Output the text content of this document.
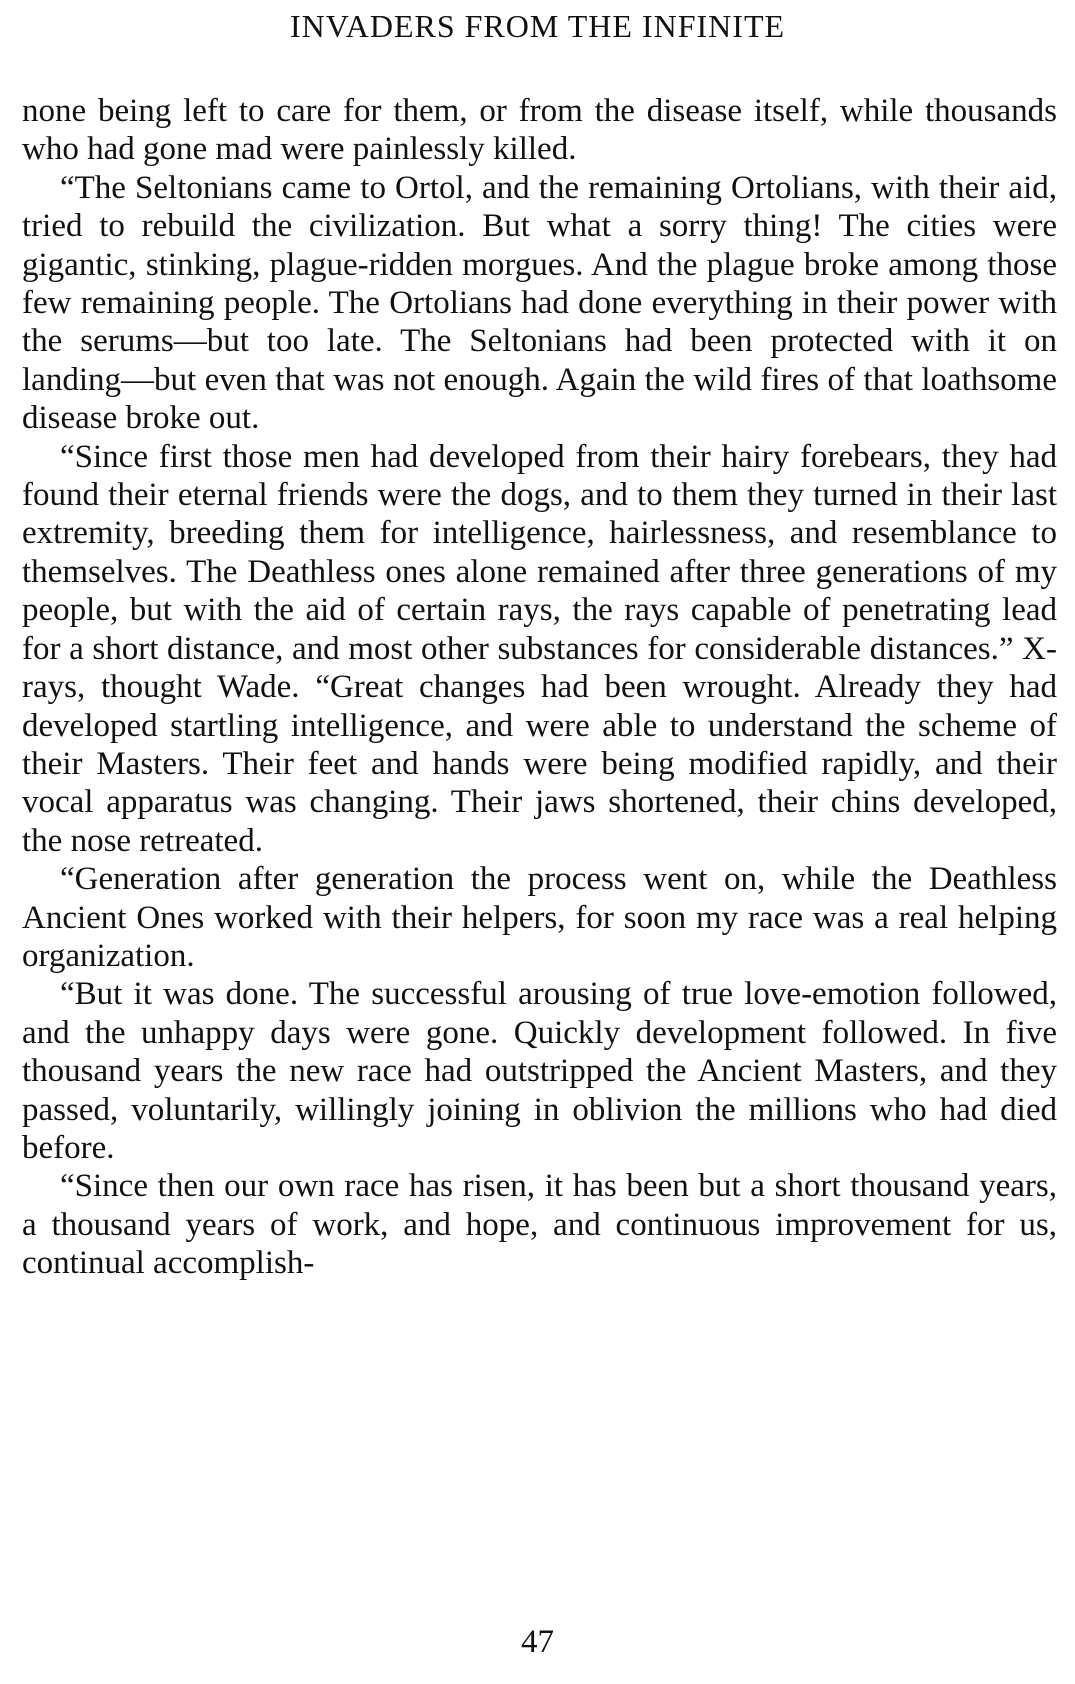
INVADERS FROM THE INFINITE

none being left to care for them, or from the disease itself, while thousands who had gone mad were painlessly killed.

“The Seltonians came to Ortol, and the remaining Ortolians, with their aid, tried to rebuild the civilization. But what a sorry thing! The cities were gigantic, stinking, plague-ridden morgues. And the plague broke among those few remaining people. The Ortolians had done everything in their power with the serums—but too late. The Seltonians had been protected with it on landing—but even that was not enough. Again the wild fires of that loathsome disease broke out.

“Since first those men had developed from their hairy forebears, they had found their eternal friends were the dogs, and to them they turned in their last extremity, breeding them for intelligence, hairlessness, and resemblance to themselves. The Deathless ones alone remained after three generations of my people, but with the aid of certain rays, the rays capable of penetrating lead for a short distance, and most other substances for considerable distances.” X-rays, thought Wade. “Great changes had been wrought. Already they had developed startling intelligence, and were able to understand the scheme of their Masters. Their feet and hands were being modified rapidly, and their vocal apparatus was changing. Their jaws shortened, their chins developed, the nose retreated.

“Generation after generation the process went on, while the Deathless Ancient Ones worked with their helpers, for soon my race was a real helping organization.

“But it was done. The successful arousing of true love-emotion followed, and the unhappy days were gone. Quickly development followed. In five thousand years the new race had outstripped the Ancient Masters, and they passed, voluntarily, willingly joining in oblivion the millions who had died before.

“Since then our own race has risen, it has been but a short thousand years, a thousand years of work, and hope, and continuous improvement for us, continual accomplish-

47
